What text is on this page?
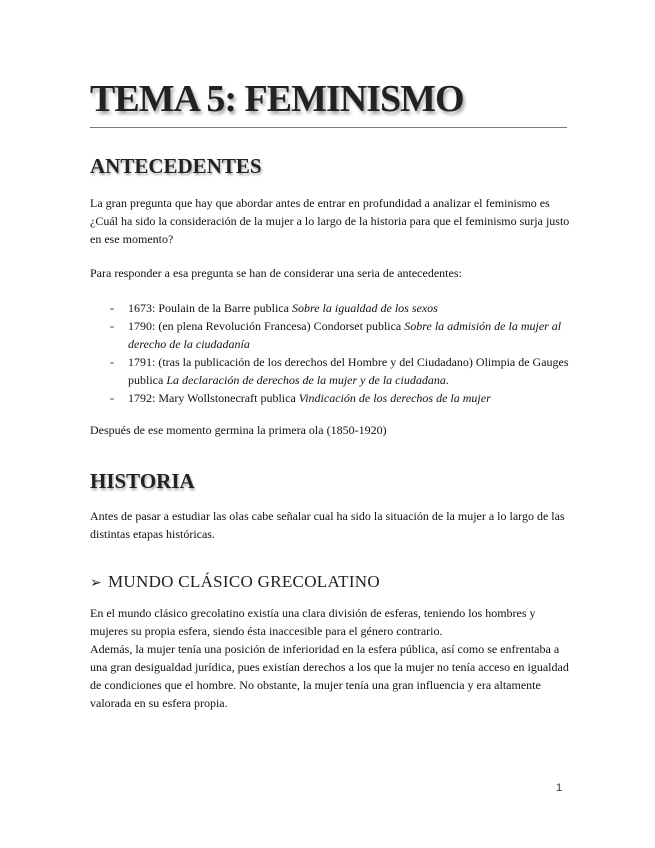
TEMA 5: FEMINISMO
ANTECEDENTES

La gran pregunta que hay que abordar antes de entrar en profundidad a analizar el feminismo es ¿Cuál ha sido la consideración de la mujer a lo largo de la historia para que el feminismo surja justo en ese momento?

Para responder a esa pregunta se han de considerar una seria de antecedentes:

- 1673: Poulain de la Barre publica Sobre la igualdad de los sexos
- 1790: (en plena Revolución Francesa) Condorset publica Sobre la admisión de la mujer al derecho de la ciudadanía
- 1791: (tras la publicación de los derechos del Hombre y del Ciudadano) Olimpia de Gauges publica La declaración de derechos de la mujer y de la ciudadana.
- 1792: Mary Wollstonecraft publica Vindicación de los derechos de la mujer

Después de ese momento germina la primera ola (1850-1920)

HISTORIA

Antes de pasar a estudiar las olas cabe señalar cual ha sido la situación de la mujer a lo largo de las distintas etapas históricas.

➢ MUNDO CLÁSICO GRECOLATINO

En el mundo clásico grecolatino existía una clara división de esferas, teniendo los hombres y mujeres su propia esfera, siendo ésta inaccesible para el género contrario.

Además, la mujer tenía una posición de inferioridad en la esfera pública, así como se enfrentaba a una gran desigualdad jurídica, pues existían derechos a los que la mujer no tenía acceso en igualdad de condiciones que el hombre. No obstante, la mujer tenía una gran influencia y era altamente valorada en su esfera propia.

1
